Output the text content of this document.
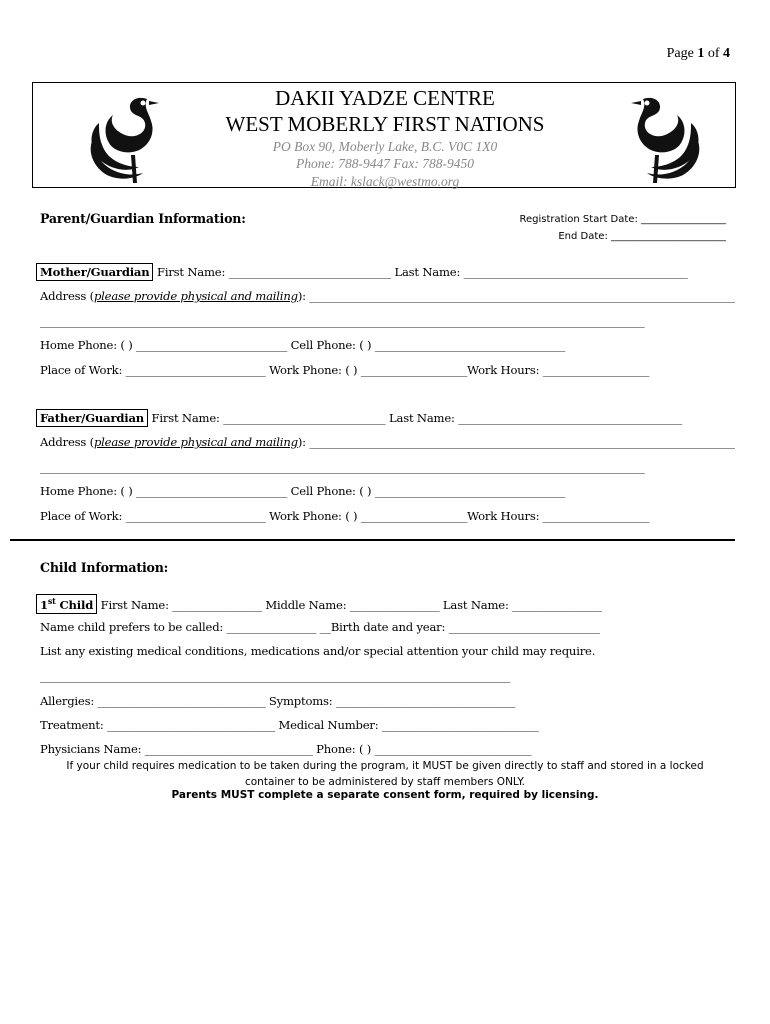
Page 1 of 4
DAKII YADZE CENTRE
WEST MOBERLY FIRST NATIONS
PO Box 90, Moberly Lake, B.C. V0C 1X0
Phone: 788-9447 Fax: 788-9450
Email: kslack@westmo.org
Parent/Guardian Information:	Registration Start Date: _________________
End Date: _______________________
Mother/Guardian First Name: _____________________________ Last Name: ________________________________________
Address (please provide physical and mailing): ____________________________________________________________________________
____________________________________________________________________________________________________________
Home Phone: ( ) ___________________________ Cell Phone: ( ) __________________________________
Place of Work: _________________________ Work Phone: ( ) ___________________Work Hours: ___________________
Father/Guardian First Name: _____________________________ Last Name: ________________________________________
Address (please provide physical and mailing): ____________________________________________________________________________
____________________________________________________________________________________________________________
Home Phone: ( ) ___________________________ Cell Phone: ( ) __________________________________
Place of Work: _________________________ Work Phone: ( ) ___________________Work Hours: ___________________
Child Information:
1st Child First Name: ________________ Middle Name: ________________ Last Name: ________________
Name child prefers to be called: ________________ __Birth date and year: ___________________________
List any existing medical conditions, medications and/or special attention your child may require.
____________________________________________________________________________________
Allergies: ______________________________ Symptoms: ________________________________
Treatment: ______________________________ Medical Number: ____________________________
Physicians Name: ______________________________ Phone: ( ) ____________________________
If your child requires medication to be taken during the program, it MUST be given directly to staff and stored in a locked container to be administered by staff members ONLY.
Parents MUST complete a separate consent form, required by licensing.
